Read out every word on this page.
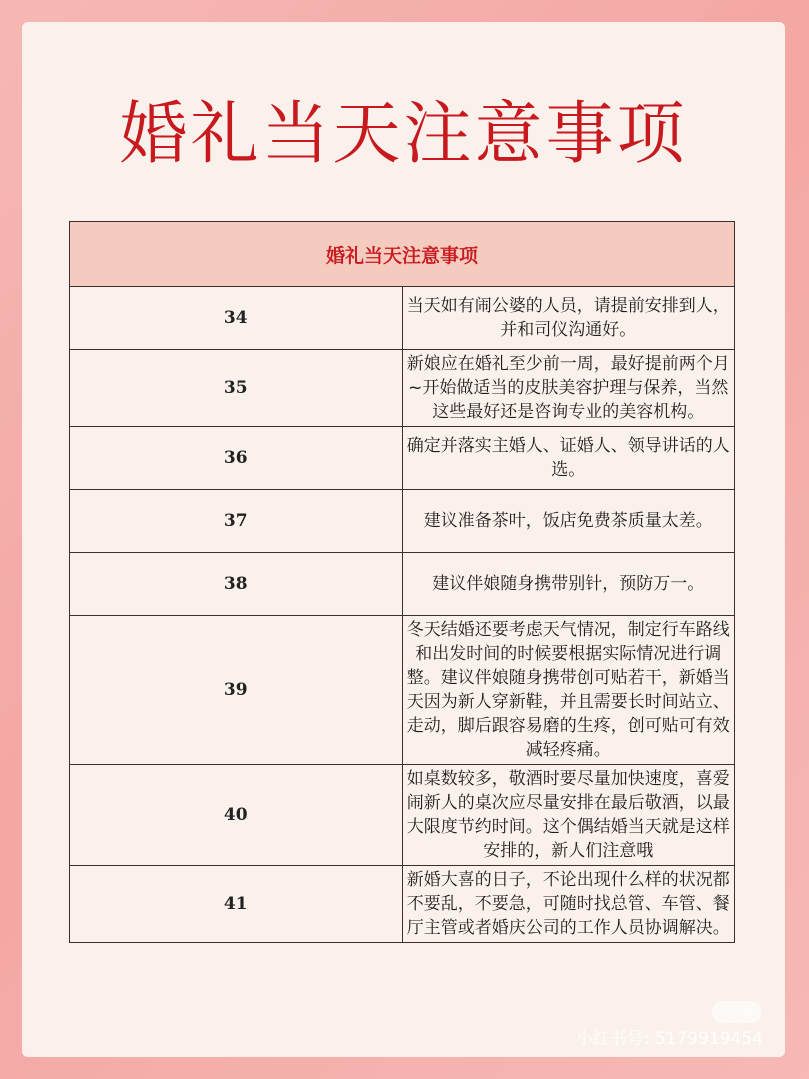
婚礼当天注意事项
婚礼当天注意事项	
34	当天如有闹公婆的人员，请提前安排到人，并和司仪沟通好。
35	新娘应在婚礼至少前一周，最好提前两个月~开始做适当的皮肤美容护理与保养，当然这些最好还是咨询专业的美容机构。
36	确定并落实主婚人、证婚人、领导讲话的人选。
37	建议准备茶叶，饭店免费茶质量太差。
38	建议伴娘随身携带别针，预防万一。
39	冬天结婚还要考虑天气情况，制定行车路线和出发时间的时候要根据实际情况进行调整。建议伴娘随身携带创可贴若干，新婚当天因为新人穿新鞋，并且需要长时间站立、走动，脚后跟容易磨的生疼，创可贴可有效减轻疼痛。
40	如桌数较多，敬酒时要尽量加快速度，喜爱闹新人的桌次应尽量安排在最后敬酒，以最大限度节约时间。这个偶结婚当天就是这样安排的，新人们注意哦
41	新婚大喜的日子，不论出现什么样的状况都不要乱，不要急，可随时找总管、车管、餐厅主管或者婚庆公司的工作人员协调解决。
小红书
小红书号: 5179919454
